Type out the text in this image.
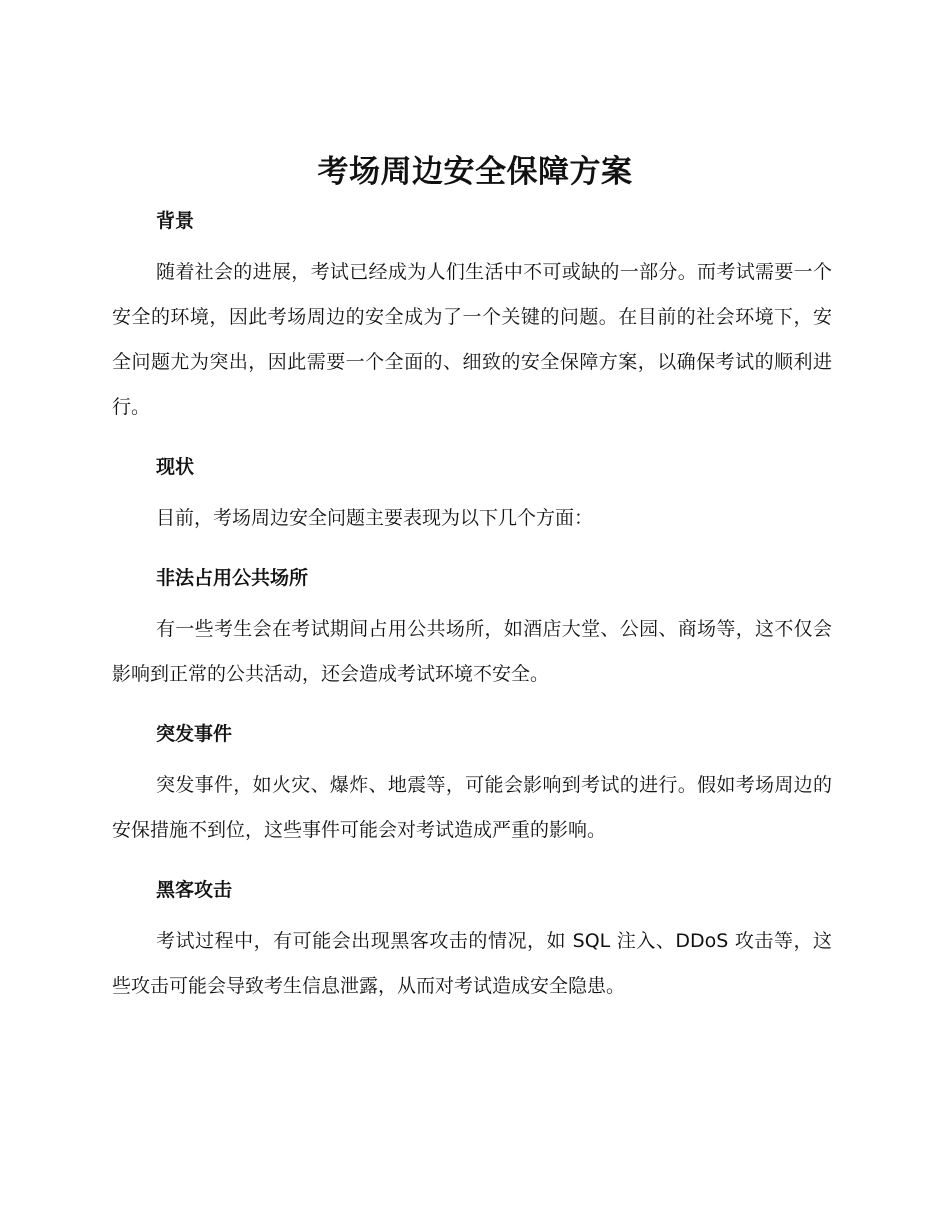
考场周边安全保障方案
背景

随着社会的进展，考试已经成为人们生活中不可或缺的一部分。而考试需要一个安全的环境，因此考场周边的安全成为了一个关键的问题。在目前的社会环境下，安全问题尤为突出，因此需要一个全面的、细致的安全保障方案，以确保考试的顺利进行。

现状

目前，考场周边安全问题主要表现为以下几个方面：

非法占用公共场所

有一些考生会在考试期间占用公共场所，如酒店大堂、公园、商场等，这不仅会影响到正常的公共活动，还会造成考试环境不安全。

突发事件

突发事件，如火灾、爆炸、地震等，可能会影响到考试的进行。假如考场周边的安保措施不到位，这些事件可能会对考试造成严重的影响。

黑客攻击

考试过程中，有可能会出现黑客攻击的情况，如 SQL 注入、DDoS 攻击等，这些攻击可能会导致考生信息泄露，从而对考试造成安全隐患。
